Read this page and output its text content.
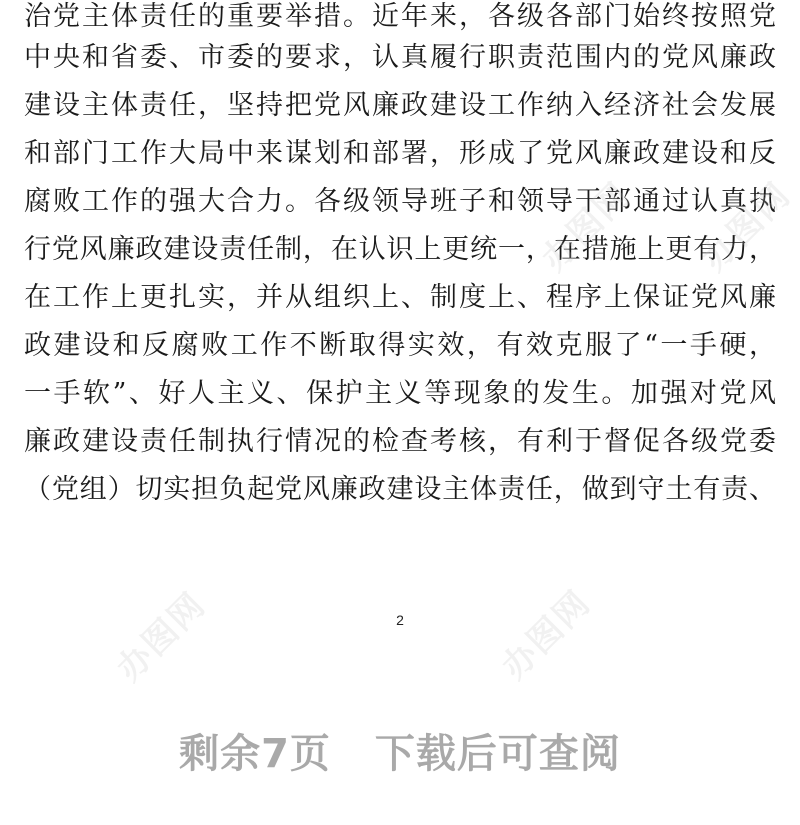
治党主体责任的重要举措。近年来，各级各部门始终按照党
中央和省委、市委的要求，认真履行职责范围内的党风廉政
建设主体责任，坚持把党风廉政建设工作纳入经济社会发展
和部门工作大局中来谋划和部署，形成了党风廉政建设和反
腐败工作的强大合力。各级领导班子和领导干部通过认真执
行党风廉政建设责任制，在认识上更统一，在措施上更有力，
在工作上更扎实，并从组织上、制度上、程序上保证党风廉
政建设和反腐败工作不断取得实效，有效克服了“一手硬，
一手软”、好人主义、保护主义等现象的发生。加强对党风
廉政建设责任制执行情况的检查考核，有利于督促各级党委
（党组）切实担负起党风廉政建设主体责任，做到守土有责、
办图网	办图网
办图网 办图网
2
剩余7页 下载后可查阅
